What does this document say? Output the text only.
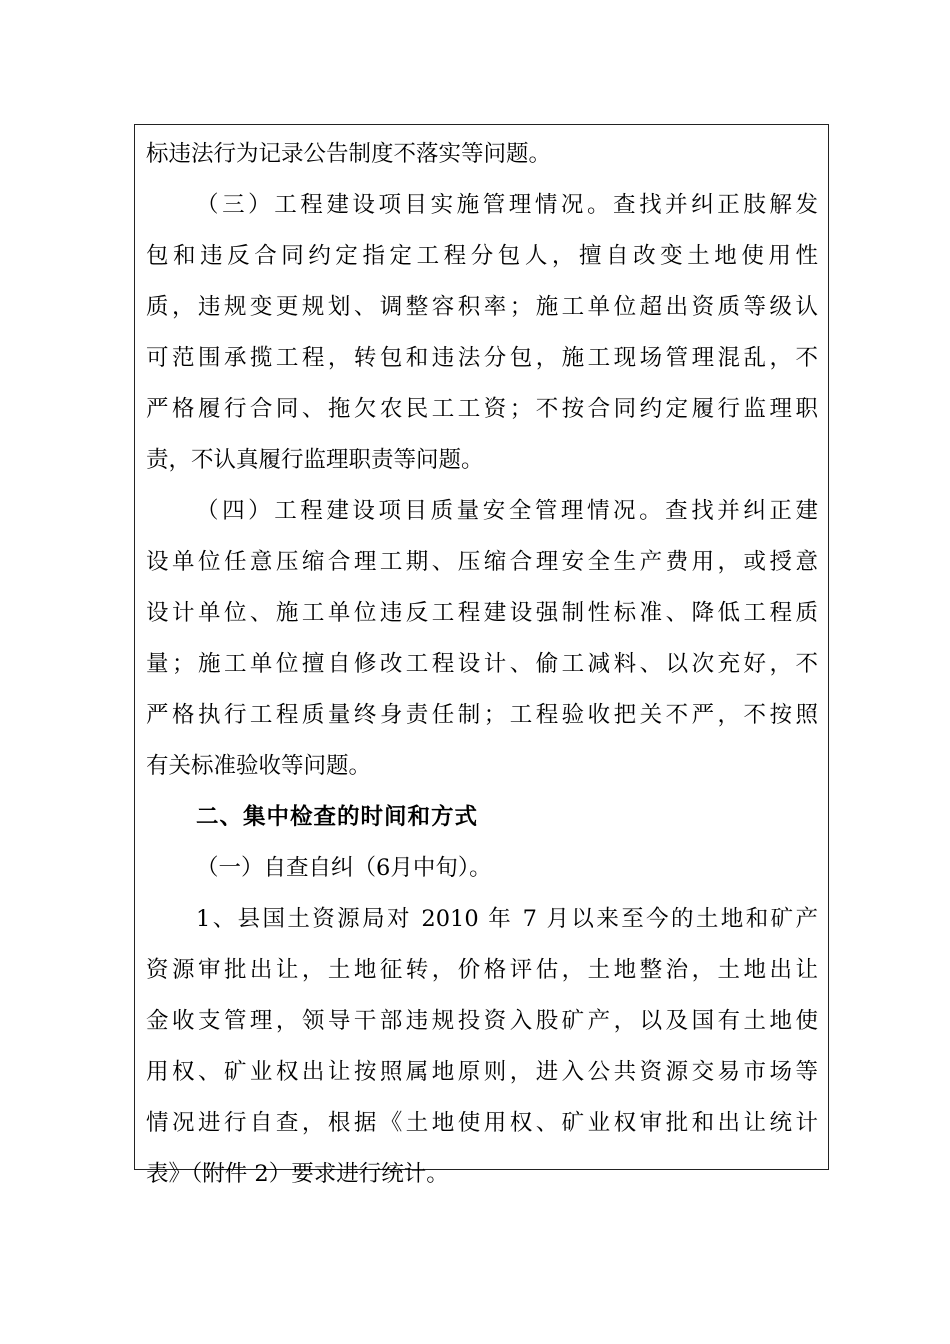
标违法行为记录公告制度不落实等问题。
（三）工程建设项目实施管理情况。查找并纠正肢解发
包和违反合同约定指定工程分包人，擅自改变土地使用性
质，违规变更规划、调整容积率；施工单位超出资质等级认
可范围承揽工程，转包和违法分包，施工现场管理混乱，不
严格履行合同、拖欠农民工工资；不按合同约定履行监理职
责，不认真履行监理职责等问题。
（四）工程建设项目质量安全管理情况。查找并纠正建
设单位任意压缩合理工期、压缩合理安全生产费用，或授意
设计单位、施工单位违反工程建设强制性标准、降低工程质
量；施工单位擅自修改工程设计、偷工减料、以次充好，不
严格执行工程质量终身责任制；工程验收把关不严，不按照
有关标准验收等问题。
二、集中检查的时间和方式
（一）自查自纠（6月中旬）。
1、县国土资源局对 2010 年 7 月以来至今的土地和矿产
资源审批出让，土地征转，价格评估，土地整治，土地出让
金收支管理，领导干部违规投资入股矿产，以及国有土地使
用权、矿业权出让按照属地原则，进入公共资源交易市场等
情况进行自查，根据《土地使用权、矿业权审批和出让统计
表》（附件 2）要求进行统计。
